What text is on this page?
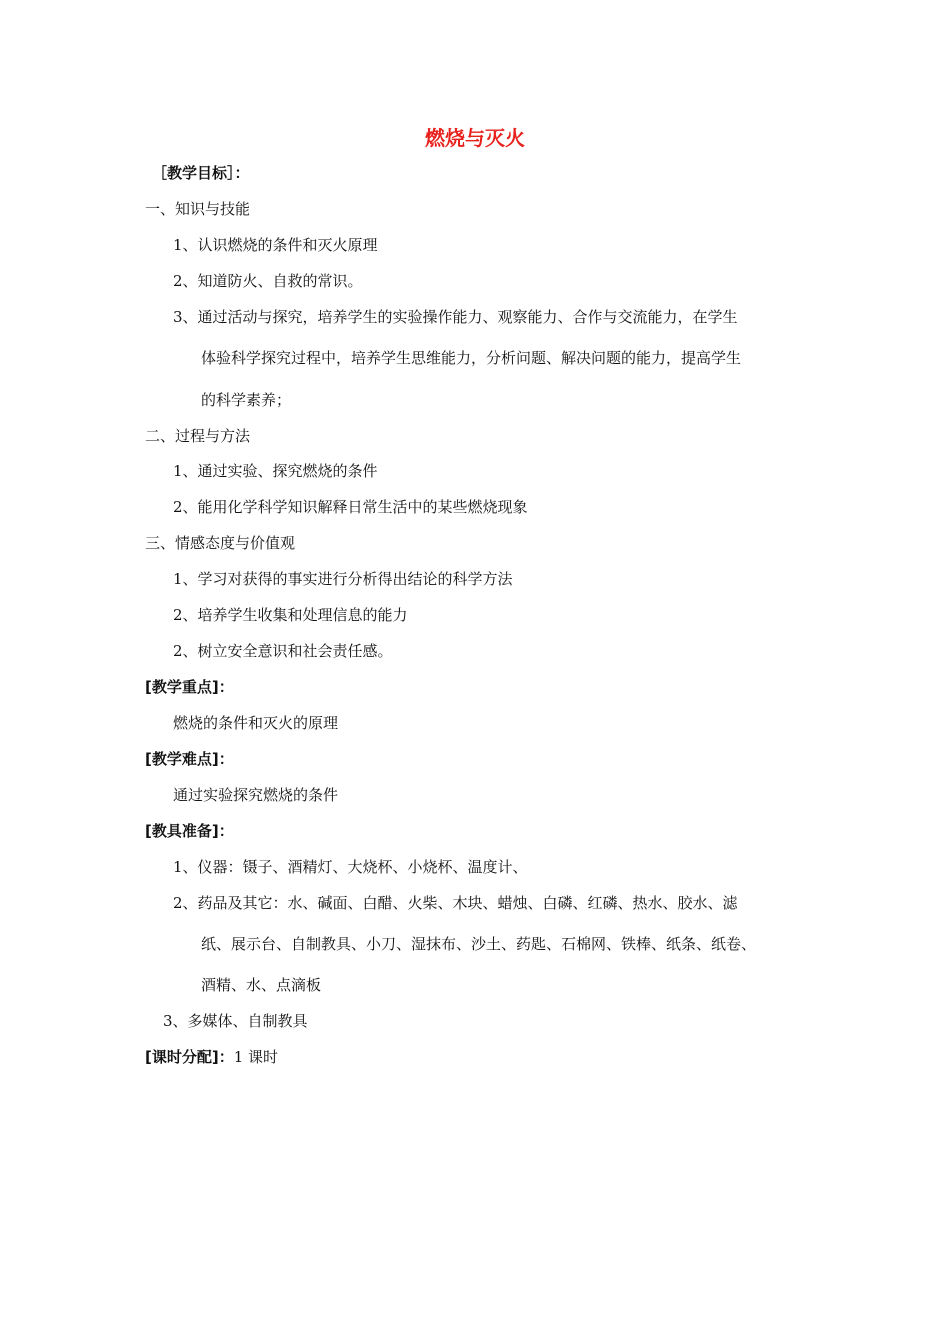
燃烧与灭火
［教学目标］：
一、知识与技能
1、认识燃烧的条件和灭火原理
2、知道防火、自救的常识。
3、通过活动与探究，培养学生的实验操作能力、观察能力、合作与交流能力，在学生
体验科学探究过程中，培养学生思维能力，分析问题、解决问题的能力，提高学生
的科学素养；
二、过程与方法
1、通过实验、探究燃烧的条件
2、能用化学科学知识解释日常生活中的某些燃烧现象
三、情感态度与价值观
1、学习对获得的事实进行分析得出结论的科学方法
2、培养学生收集和处理信息的能力
2、树立安全意识和社会责任感。
[教学重点]：
燃烧的条件和灭火的原理
[教学难点]：
通过实验探究燃烧的条件
[教具准备]：
1、仪器：镊子、酒精灯、大烧杯、小烧杯、温度计、
2、药品及其它：水、碱面、白醋、火柴、木块、蜡烛、白磷、红磷、热水、胶水、滤
纸、展示台、自制教具、小刀、湿抹布、沙土、药匙、石棉网、铁棒、纸条、纸卷、
酒精、水、点滴板
3、多媒体、自制教具
[课时分配]：1 课时
